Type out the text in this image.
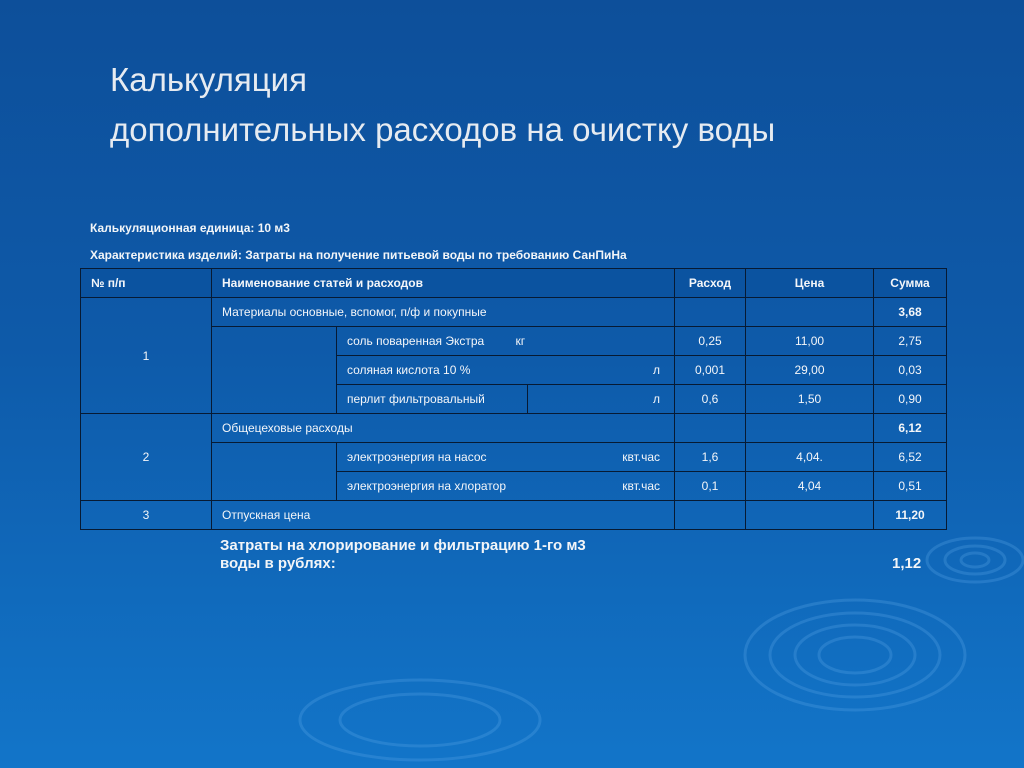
Калькуляция
дополнительных расходов на очистку воды
Калькуляционная единица: 10 м3
Характеристика изделий: Затраты на получение питьевой воды по требованию СанПиНа
№ п/п	Наименование статей и расходов			Расход	Цена	Сумма
1	Материалы основные, вспомог, п/ф и покупные					3,68
		соль поваренная Экстра кг		0,25	11,00	2,75
		соляная кислота 10 % л		0,001	29,00	0,03
		перлит фильтровальный	л	0,6	1,50	0,90
2	Общецеховые расходы					6,12
		электроэнергия на насос квт.час		1,6	4,04.	6,52
		электроэнергия на хлоратор квт.час		0,1	4,04	0,51
3	Отпускная цена					11,20

Затраты на хлорирование и фильтрацию 1-го м3
воды в рублях:	1,12
